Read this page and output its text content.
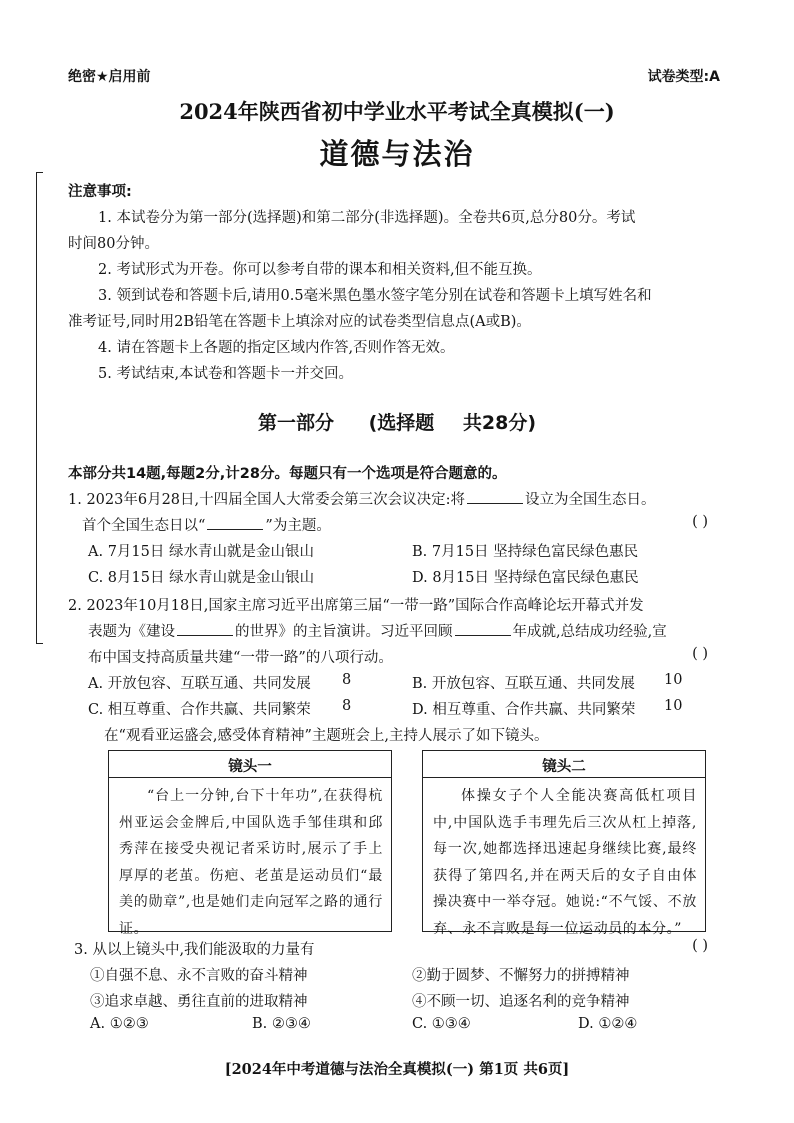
绝密★启用前	试卷类型:A
2024年陕西省初中学业水平考试全真模拟(一)
道德与法治
注意事项:
1. 本试卷分为第一部分(选择题)和第二部分(非选择题)。全卷共6页,总分80分。考试
时间80分钟。
2. 考试形式为开卷。你可以参考自带的课本和相关资料,但不能互换。
3. 领到试卷和答题卡后,请用0.5毫米黑色墨水签字笔分别在试卷和答题卡上填写姓名和
准考证号,同时用2B铅笔在答题卡上填涂对应的试卷类型信息点(A或B)。
4. 请在答题卡上各题的指定区域内作答,否则作答无效。
5. 考试结束,本试卷和答题卡一并交回。
第一部分 (选择题 共28分)
本部分共14题,每题2分,计28分。每题只有一个选项是符合题意的。
1. 2023年6月28日,十四届全国人大常委会第三次会议决定:将	设立为全国生态日。
首个全国生态日以“	”为主题。	( )
A. 7月15日 绿水青山就是金山银山	B. 7月15日 坚持绿色富民绿色惠民
C. 8月15日 绿水青山就是金山银山	D. 8月15日 坚持绿色富民绿色惠民
2. 2023年10月18日,国家主席习近平出席第三届“一带一路”国际合作高峰论坛开幕式并发
表题为《建设	的世界》的主旨演讲。习近平回顾	年成就,总结成功经验,宣
布中国支持高质量共建“一带一路”的八项行动。	( )
A. 开放包容、互联互通、共同发展 8	B. 开放包容、互联互通、共同发展 10
C. 相互尊重、合作共赢、共同繁荣 8	D. 相互尊重、合作共赢、共同繁荣 10
在“观看亚运盛会,感受体育精神”主题班会上,主持人展示了如下镜头。
镜头一
“台上一分钟,台下十年功”,在获得杭州亚运会金牌后,中国队选手邹佳琪和邱秀萍在接受央视记者采访时,展示了手上厚厚的老茧。伤疤、老茧是运动员们“最美的勋章”,也是她们走向冠军之路的通行证。
镜头二
体操女子个人全能决赛高低杠项目中,中国队选手韦理先后三次从杠上掉落,每一次,她都选择迅速起身继续比赛,最终获得了第四名,并在两天后的女子自由体操决赛中一举夺冠。她说:“不气馁、不放弃、永不言败是每一位运动员的本分。”
3. 从以上镜头中,我们能汲取的力量有	( )
①自强不息、永不言败的奋斗精神	②勤于圆梦、不懈努力的拼搏精神
③追求卓越、勇往直前的进取精神	④不顾一切、追逐名利的竞争精神
A. ①②③	B. ②③④	C. ①③④	D. ①②④
[2024年中考道德与法治全真模拟(一) 第1页 共6页]
